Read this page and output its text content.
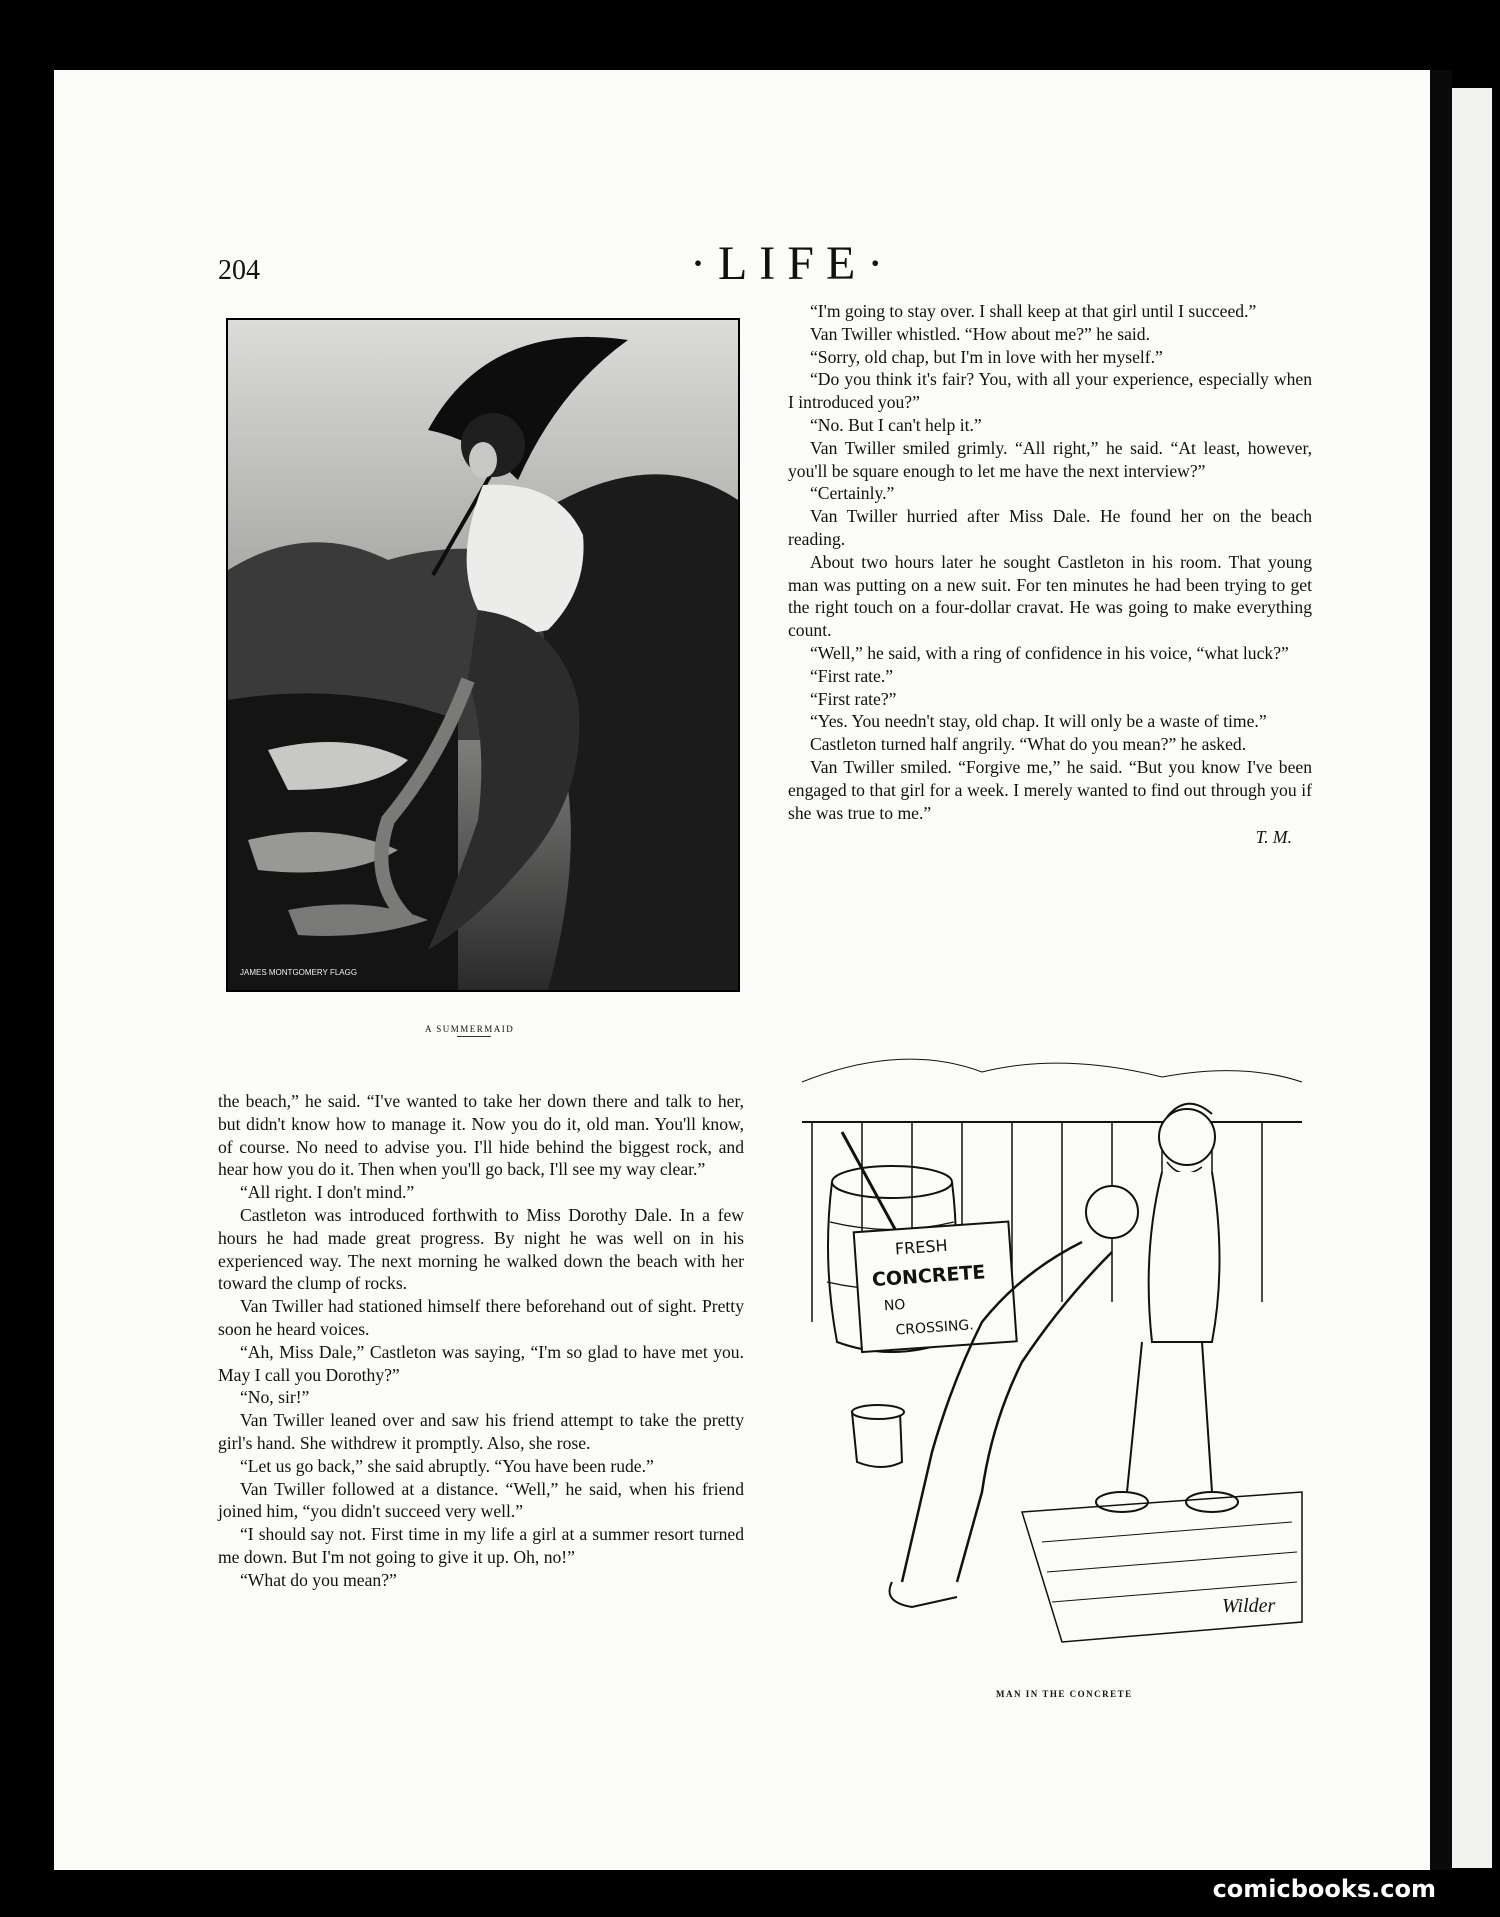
204	·LIFE·
JAMES MONTGOMERY FLAGG
A SUMMERMAID

“I'm going to stay over. I shall keep at that girl until I succeed.”

Van Twiller whistled. “How about me?” he said.

“Sorry, old chap, but I'm in love with her myself.”

“Do you think it's fair? You, with all your experience, especially when I introduced you?”

“No. But I can't help it.”

Van Twiller smiled grimly. “All right,” he said. “At least, however, you'll be square enough to let me have the next interview?”

“Certainly.”

Van Twiller hurried after Miss Dale. He found her on the beach reading.

About two hours later he sought Castleton in his room. That young man was putting on a new suit. For ten minutes he had been trying to get the right touch on a four-dollar cravat. He was going to make everything count.

“Well,” he said, with a ring of confidence in his voice, “what luck?”

“First rate.”

“First rate?”

“Yes. You needn't stay, old chap. It will only be a waste of time.”

Castleton turned half angrily. “What do you mean?” he asked.

Van Twiller smiled. “Forgive me,” he said. “But you know I've been engaged to that girl for a week. I merely wanted to find out through you if she was true to me.”

T. M.

the beach,” he said. “I've wanted to take her down there and talk to her, but didn't know how to manage it. Now you do it, old man. You'll know, of course. No need to advise you. I'll hide behind the biggest rock, and hear how you do it. Then when you'll go back, I'll see my way clear.”

“All right. I don't mind.”

Castleton was introduced forthwith to Miss Dorothy Dale. In a few hours he had made great progress. By night he was well on in his experienced way. The next morning he walked down the beach with her toward the clump of rocks.

Van Twiller had stationed himself there beforehand out of sight. Pretty soon he heard voices.

“Ah, Miss Dale,” Castleton was saying, “I'm so glad to have met you. May I call you Dorothy?”

“No, sir!”

Van Twiller leaned over and saw his friend attempt to take the pretty girl's hand. She withdrew it promptly. Also, she rose.

“Let us go back,” she said abruptly. “You have been rude.”

Van Twiller followed at a distance. “Well,” he said, when his friend joined him, “you didn't succeed very well.”

“I should say not. First time in my life a girl at a summer resort turned me down. But I'm not going to give it up. Oh, no!”

“What do you mean?”

FRESH
CONCRETE
NO
CROSSING.
Wilder
MAN IN THE CONCRETE
comicbooks.com
